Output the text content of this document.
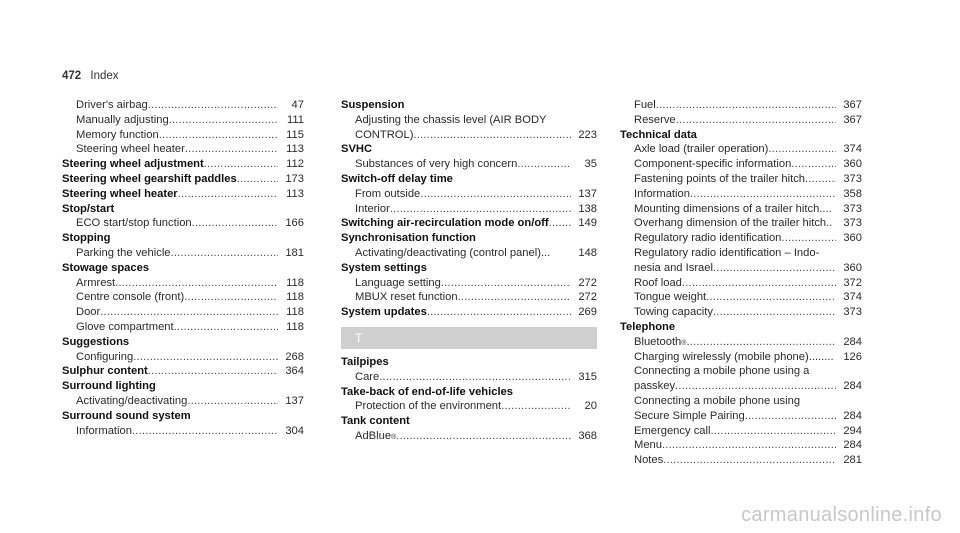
472 Index
Driver's airbag .....	47
Manually adjusting .....	111
Memory function .....	115
Steering wheel heater .....	113
Steering wheel adjustment .....	112
Steering wheel gearshift paddles .....	173
Steering wheel heater .....	113
Stop/start
ECO start/stop function .....	166
Stopping
Parking the vehicle .....	181
Stowage spaces
Armrest .....	118
Centre console (front) .....	118
Door .....	118
Glove compartment .....	118
Suggestions
Configuring .....	268
Sulphur content .....	364
Surround lighting
Activating/deactivating .....	137
Surround sound system
Information .....	304
Suspension
Adjusting the chassis level (AIR BODY
CONTROL) .....	223
SVHC
Substances of very high concern .....	35
Switch-off delay time
From outside .....	137
Interior .....	138
Switching air-recirculation mode on/off .....	149
Synchronisation function
Activating/deactivating (control panel)...	148
System settings
Language setting .....	272
MBUX reset function .....	272
System updates .....	269
T
Tailpipes
Care .....	315
Take-back of end-of-life vehicles
Protection of the environment .....	20
Tank content
AdBlue ® .....	368
Fuel .....	367
Reserve .....	367
Technical data
Axle load (trailer operation) .....	374
Component-specific information .....	360
Fastening points of the trailer hitch .....	373
Information .....	358
Mounting dimensions of a trailer hitch....	373
Overhang dimension of the trailer hitch.. 373
Regulatory radio identification .....	360
Regulatory radio identification – Indo-
nesia and Israel .....	360
Roof load .....	372
Tongue weight .....	374
Towing capacity .....	373
Telephone
Bluetooth ® .....	284
Charging wirelessly (mobile phone)........ 126
Connecting a mobile phone using a
passkey .....	284
Connecting a mobile phone using
Secure Simple Pairing .....	284
Emergency call .....	294
Menu .....	284
Notes .....	281
carmanualsonline.info
